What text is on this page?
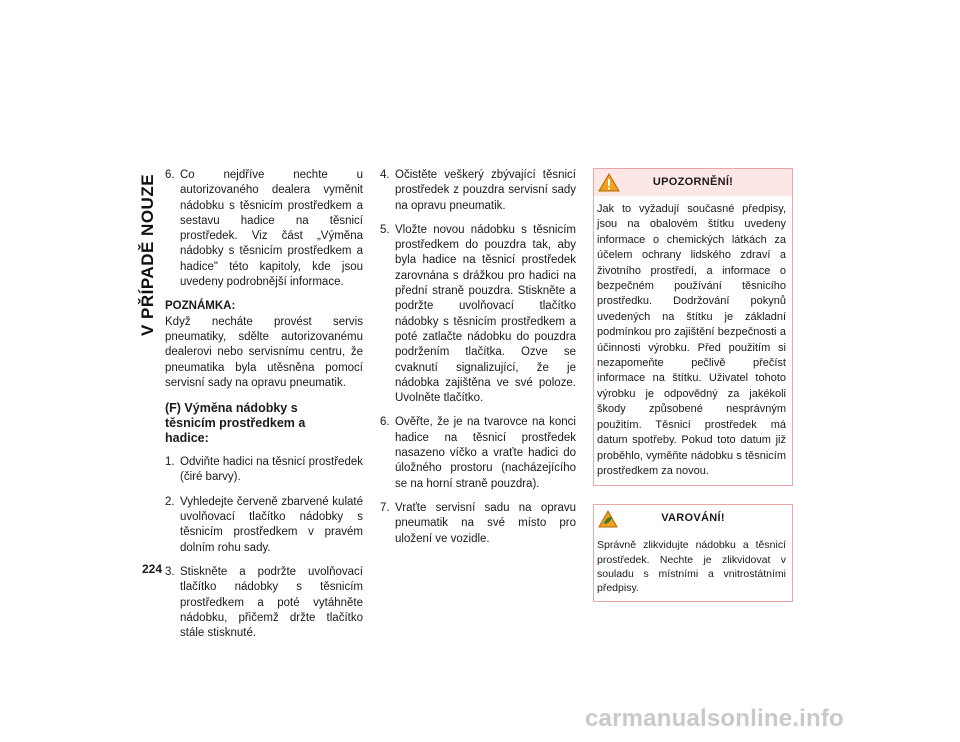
V PŘÍPADĚ NOUZE
224
6. Co nejdříve nechte u autorizovaného dealera vyměnit nádobku s těsnicím prostředkem a sestavu hadice na těsnicí prostředek. Viz část „Výměna nádobky s těsnicím prostředkem a hadice" této kapitoly, kde jsou uvedeny podrobnější informace.

POZNÁMKA:

Když necháte provést servis pneumatiky, sdělte autorizovanému dealerovi nebo servisnímu centru, že pneumatika byla utěsněna pomocí servisní sady na opravu pneumatik.

(F) Výměna nádobky s těsnicím prostředkem a hadice:
1. Odviňte hadici na těsnicí prostředek (čiré barvy).
2. Vyhledejte červeně zbarvené kulaté uvolňovací tlačítko nádobky s těsnicím prostředkem v pravém dolním rohu sady.
3. Stiskněte a podržte uvolňovací tlačítko nádobky s těsnicím prostředkem a poté vytáhněte nádobku, přičemž držte tlačítko stále stisknuté.
4. Očistěte veškerý zbývající těsnicí prostředek z pouzdra servisní sady na opravu pneumatik.
5. Vložte novou nádobku s těsnicím prostředkem do pouzdra tak, aby byla hadice na těsnicí prostředek zarovnána s drážkou pro hadici na přední straně pouzdra. Stiskněte a podržte uvolňovací tlačítko nádobky s těsnicím prostředkem a poté zatlačte nádobku do pouzdra podržením tlačítka. Ozve se cvaknutí signalizující, že je nádobka zajištěna ve své poloze. Uvolněte tlačítko.
6. Ověřte, že je na tvarovce na konci hadice na těsnicí prostředek nasazeno víčko a vraťte hadici do úložného prostoru (nacházejícího se na horní straně pouzdra).
7. Vraťte servisní sadu na opravu pneumatik na své místo pro uložení ve vozidle.
UPOZORNĚNÍ!

Jak to vyžadují současné předpisy, jsou na obalovém štítku uvedeny informace o chemických látkách za účelem ochrany lidského zdraví a životního prostředí, a informace o bezpečném používání těsnicího prostředku. Dodržování pokynů uvedených na štítku je základní podmínkou pro zajištění bezpečnosti a účinnosti výrobku. Před použitím si nezapomeňte pečlivě přečíst informace na štítku. Uživatel tohoto výrobku je odpovědný za jakékoli škody způsobené nesprávným použitím. Těsnicí prostředek má datum spotřeby. Pokud toto datum již proběhlo, vyměňte nádobku s těsnicím prostředkem za novou.

VAROVÁNÍ!

Správně zlikvidujte nádobku a těsnicí prostředek. Nechte je zlikvidovat v souladu s místními a vnitrostátními předpisy.

carmanualsonline.info
